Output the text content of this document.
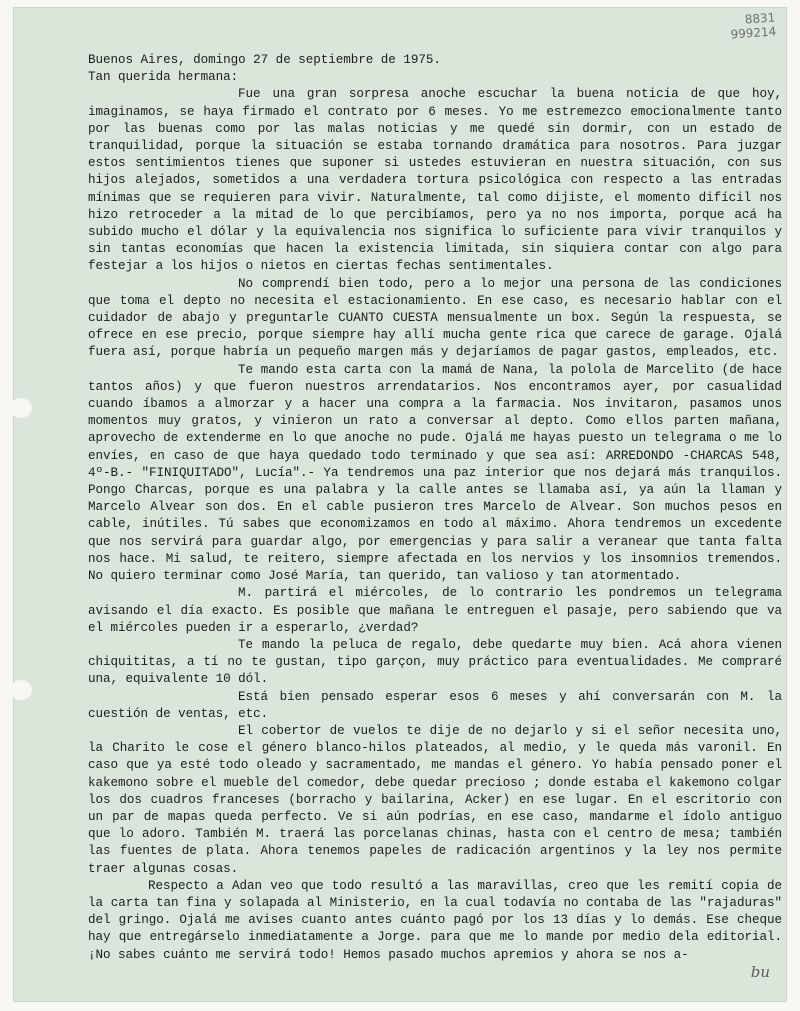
8831
999214

Buenos Aires, domingo 27 de septiembre de 1975.

Tan querida hermana:

Fue una gran sorpresa anoche escuchar la buena noticia de que hoy, imaginamos, se haya firmado el contrato por 6 meses. Yo me estremezco emocionalmente tanto por las buenas como por las malas noticias y me quedé sin dormir, con un estado de tranquilidad, porque la situación se estaba tornando dramática para nosotros. Para juzgar estos sentimientos tienes que suponer si ustedes estuvieran en nuestra situación, con sus hijos alejados, sometidos a una verdadera tortura psicológica con respecto a las entradas mínimas que se requieren para vivir. Naturalmente, tal como dijiste, el momento difícil nos hizo retroceder a la mitad de lo que percibíamos, pero ya no nos importa, porque acá ha subido mucho el dólar y la equivalencia nos significa lo suficiente para vivir tranquilos y sin tantas economías que hacen la existencia limitada, sin siquiera contar con algo para festejar a los hijos o nietos en ciertas fechas sentimentales.

No comprendí bien todo, pero a lo mejor una persona de las condiciones que toma el depto no necesita el estacionamiento. En ese caso, es necesario hablar con el cuidador de abajo y preguntarle CUANTO CUESTA mensualmente un box. Según la respuesta, se ofrece en ese precio, porque siempre hay allí mucha gente rica que carece de garage. Ojalá fuera así, porque habría un pequeño margen más y dejaríamos de pagar gastos, empleados, etc.

Te mando esta carta con la mamá de Nana, la polola de Marcelito (de hace tantos años) y que fueron nuestros arrendatarios. Nos encontramos ayer, por casualidad cuando íbamos a almorzar y a hacer una compra a la farmacia. Nos invitaron, pasamos unos momentos muy gratos, y vinieron un rato a conversar al depto. Como ellos parten mañana, aprovecho de extenderme en lo que anoche no pude. Ojalá me hayas puesto un telegrama o me lo envíes, en caso de que haya quedado todo terminado y que sea así: ARREDONDO -CHARCAS 548, 4º-B.- "FINIQUITADO", Lucía".- Ya tendremos una paz interior que nos dejará más tranquilos. Pongo Charcas, porque es una palabra y la calle antes se llamaba así, ya aún la llaman y Marcelo Alvear son dos. En el cable pusieron tres Marcelo de Alvear. Son muchos pesos en cable, inútiles. Tú sabes que economizamos en todo al máximo. Ahora tendremos un excedente que nos servirá para guardar algo, por emergencias y para salir a veranear que tanta falta nos hace. Mi salud, te reitero, siempre afectada en los nervios y los insomnios tremendos. No quiero terminar como José María, tan querido, tan valioso y tan atormentado.

M. partirá el miércoles, de lo contrario les pondremos un telegrama avisando el día exacto. Es posible que mañana le entreguen el pasaje, pero sabiendo que va el miércoles pueden ir a esperarlo, ¿verdad?

Te mando la peluca de regalo, debe quedarte muy bien. Acá ahora vienen chiquititas, a tí no te gustan, tipo garçon, muy práctico para eventualidades. Me compraré una, equivalente 10 dól.

Está bien pensado esperar esos 6 meses y ahí conversarán con M. la cuestión de ventas, etc.

El cobertor de vuelos te dije de no dejarlo y si el señor necesita uno, la Charito le cose el género blanco-hilos plateados, al medio, y le queda más varonil. En caso que ya esté todo oleado y sacramentado, me mandas el género. Yo había pensado poner el kakemono sobre el mueble del comedor, debe quedar precioso ; donde estaba el kakemono colgar los dos cuadros franceses (borracho y bailarina, Acker) en ese lugar. En el escritorio con un par de mapas queda perfecto. Ve si aún podrías, en ese caso, mandarme el ídolo antiguo que lo adoro. También M. traerá las porcelanas chinas, hasta con el centro de mesa; también las fuentes de plata. Ahora tenemos papeles de radicación argentinos y la ley nos permite traer algunas cosas.

Respecto a Adan veo que todo resultó a las maravillas, creo que les remití copia de la carta tan fina y solapada al Ministerio, en la cual todavía no contaba de las "rajaduras" del gringo. Ojalá me avises cuanto antes cuánto pagó por los 13 días y lo demás. Ese cheque hay que entregárselo inmediatamente a Jorge. para que me lo mande por medio dela editorial. ¡No sabes cuánto me servirá todo! Hemos pasado muchos apremios y ahora se nos a-

bu
